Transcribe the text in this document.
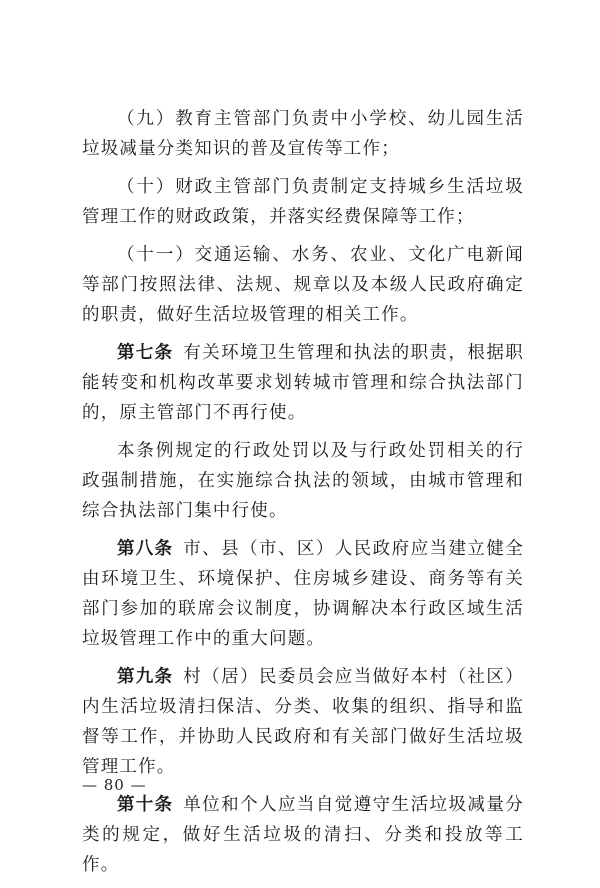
（九）教育主管部门负责中小学校、幼儿园生活垃圾减量分类知识的普及宣传等工作；

（十）财政主管部门负责制定支持城乡生活垃圾管理工作的财政政策，并落实经费保障等工作；

（十一）交通运输、水务、农业、文化广电新闻等部门按照法律、法规、规章以及本级人民政府确定的职责，做好生活垃圾管理的相关工作。

第七条 有关环境卫生管理和执法的职责，根据职能转变和机构改革要求划转城市管理和综合执法部门的，原主管部门不再行使。

本条例规定的行政处罚以及与行政处罚相关的行政强制措施，在实施综合执法的领域，由城市管理和综合执法部门集中行使。

第八条 市、县（市、区）人民政府应当建立健全由环境卫生、环境保护、住房城乡建设、商务等有关部门参加的联席会议制度，协调解决本行政区域生活垃圾管理工作中的重大问题。

第九条 村（居）民委员会应当做好本村（社区）内生活垃圾清扫保洁、分类、收集的组织、指导和监督等工作，并协助人民政府和有关部门做好生活垃圾管理工作。

第十条 单位和个人应当自觉遵守生活垃圾减量分类的规定，做好生活垃圾的清扫、分类和投放等工作。

— 80 —
